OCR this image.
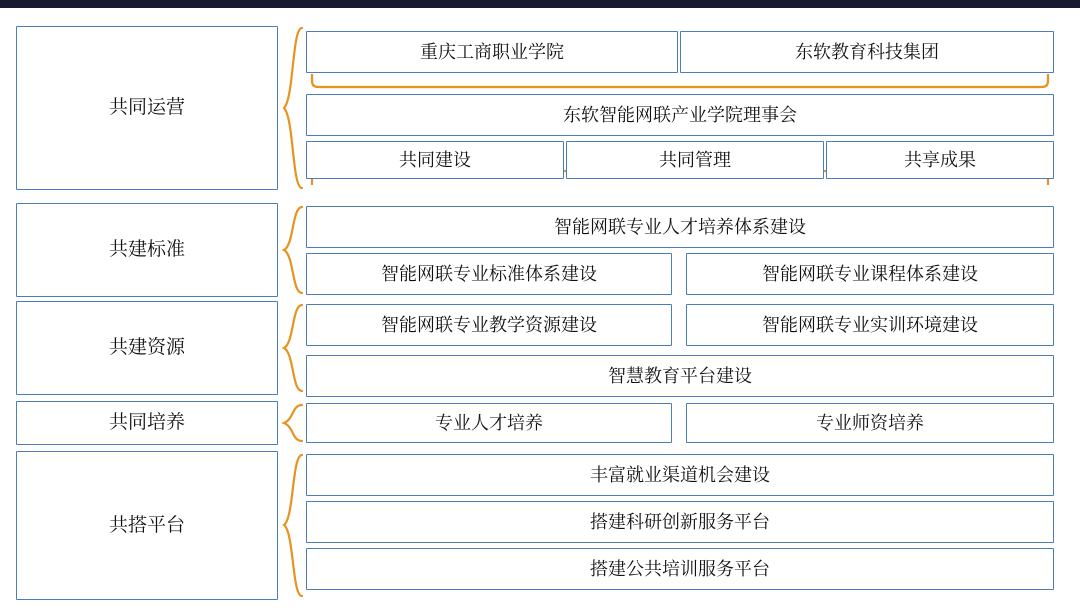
共同运营
重庆工商职业学院	东软教育科技集团
东软智能网联产业学院理事会
共同建设	共同管理	共享成果
共建标准
智能网联专业人才培养体系建设
智能网联专业标准体系建设	智能网联专业课程体系建设
共建资源
智能网联专业教学资源建设	智能网联专业实训环境建设
智慧教育平台建设
共同培养	专业人才培养	专业师资培养
共搭平台
丰富就业渠道机会建设
搭建科研创新服务平台
搭建公共培训服务平台
